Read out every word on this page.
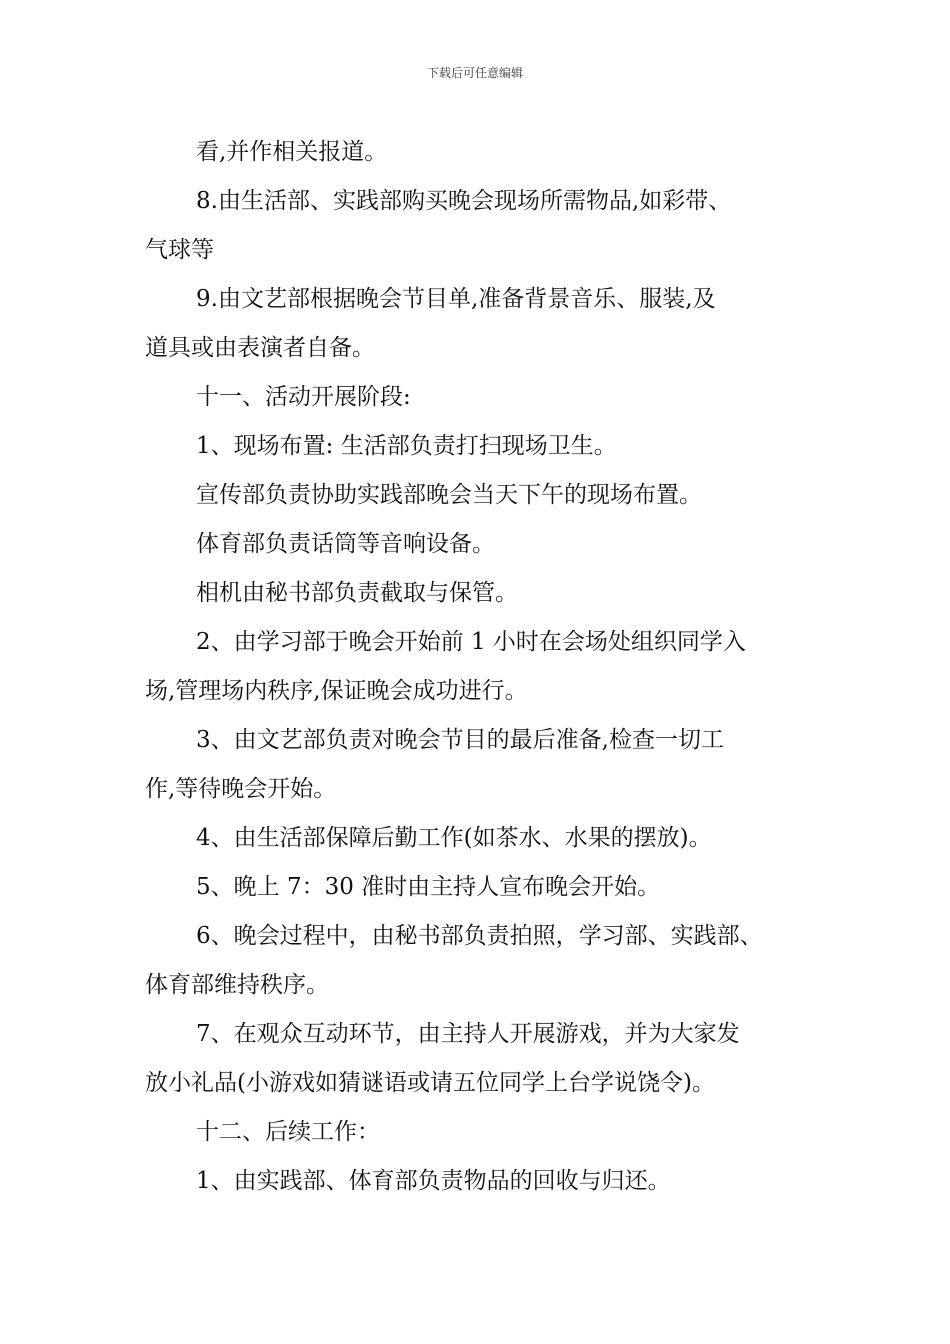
下载后可任意编辑

看,并作相关报道。

8.由生活部、实践部购买晚会现场所需物品,如彩带、

气球等

9.由文艺部根据晚会节目单,准备背景音乐、服装,及

道具或由表演者自备。

十一、活动开展阶段:

1、现场布置: 生活部负责打扫现场卫生。

宣传部负责协助实践部晚会当天下午的现场布置。

体育部负责话筒等音响设备。

相机由秘书部负责截取与保管。

2、由学习部于晚会开始前 1 小时在会场处组织同学入

场,管理场内秩序,保证晚会成功进行。

3、由文艺部负责对晚会节目的最后准备,检查一切工

作,等待晚会开始。

4、由生活部保障后勤工作(如茶水、水果的摆放)。

5、晚上 7：30 准时由主持人宣布晚会开始。

6、晚会过程中，由秘书部负责拍照，学习部、实践部、

体育部维持秩序。

7、在观众互动环节，由主持人开展游戏，并为大家发

放小礼品(小游戏如猜谜语或请五位同学上台学说饶令)。

十二、后续工作：

1、由实践部、体育部负责物品的回收与归还。
